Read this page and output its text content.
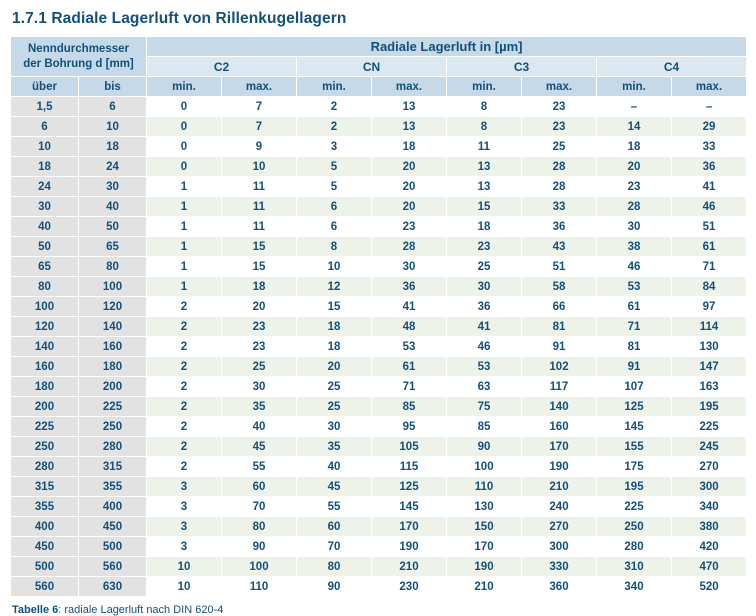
1.7.1 Radiale Lagerluft von Rillenkugellagern
Nenndurchmesser
der Bohrung d [mm]		Radiale Lagerluft in [µm]							
		C2		CN		C3		C4	
über	bis	min.	max.	min.	max.	min.	max.	min.	max.
1,5	6	0	7	2	13	8	23	–	–
6	10	0	7	2	13	8	23	14	29
10	18	0	9	3	18	11	25	18	33
18	24	0	10	5	20	13	28	20	36
24	30	1	11	5	20	13	28	23	41
30	40	1	11	6	20	15	33	28	46
40	50	1	11	6	23	18	36	30	51
50	65	1	15	8	28	23	43	38	61
65	80	1	15	10	30	25	51	46	71
80	100	1	18	12	36	30	58	53	84
100	120	2	20	15	41	36	66	61	97
120	140	2	23	18	48	41	81	71	114
140	160	2	23	18	53	46	91	81	130
160	180	2	25	20	61	53	102	91	147
180	200	2	30	25	71	63	117	107	163
200	225	2	35	25	85	75	140	125	195
225	250	2	40	30	95	85	160	145	225
250	280	2	45	35	105	90	170	155	245
280	315	2	55	40	115	100	190	175	270
315	355	3	60	45	125	110	210	195	300
355	400	3	70	55	145	130	240	225	340
400	450	3	80	60	170	150	270	250	380
450	500	3	90	70	190	170	300	280	420
500	560	10	100	80	210	190	330	310	470
560	630	10	110	90	230	210	360	340	520
Tabelle 6: radiale Lagerluft nach DIN 620-4
